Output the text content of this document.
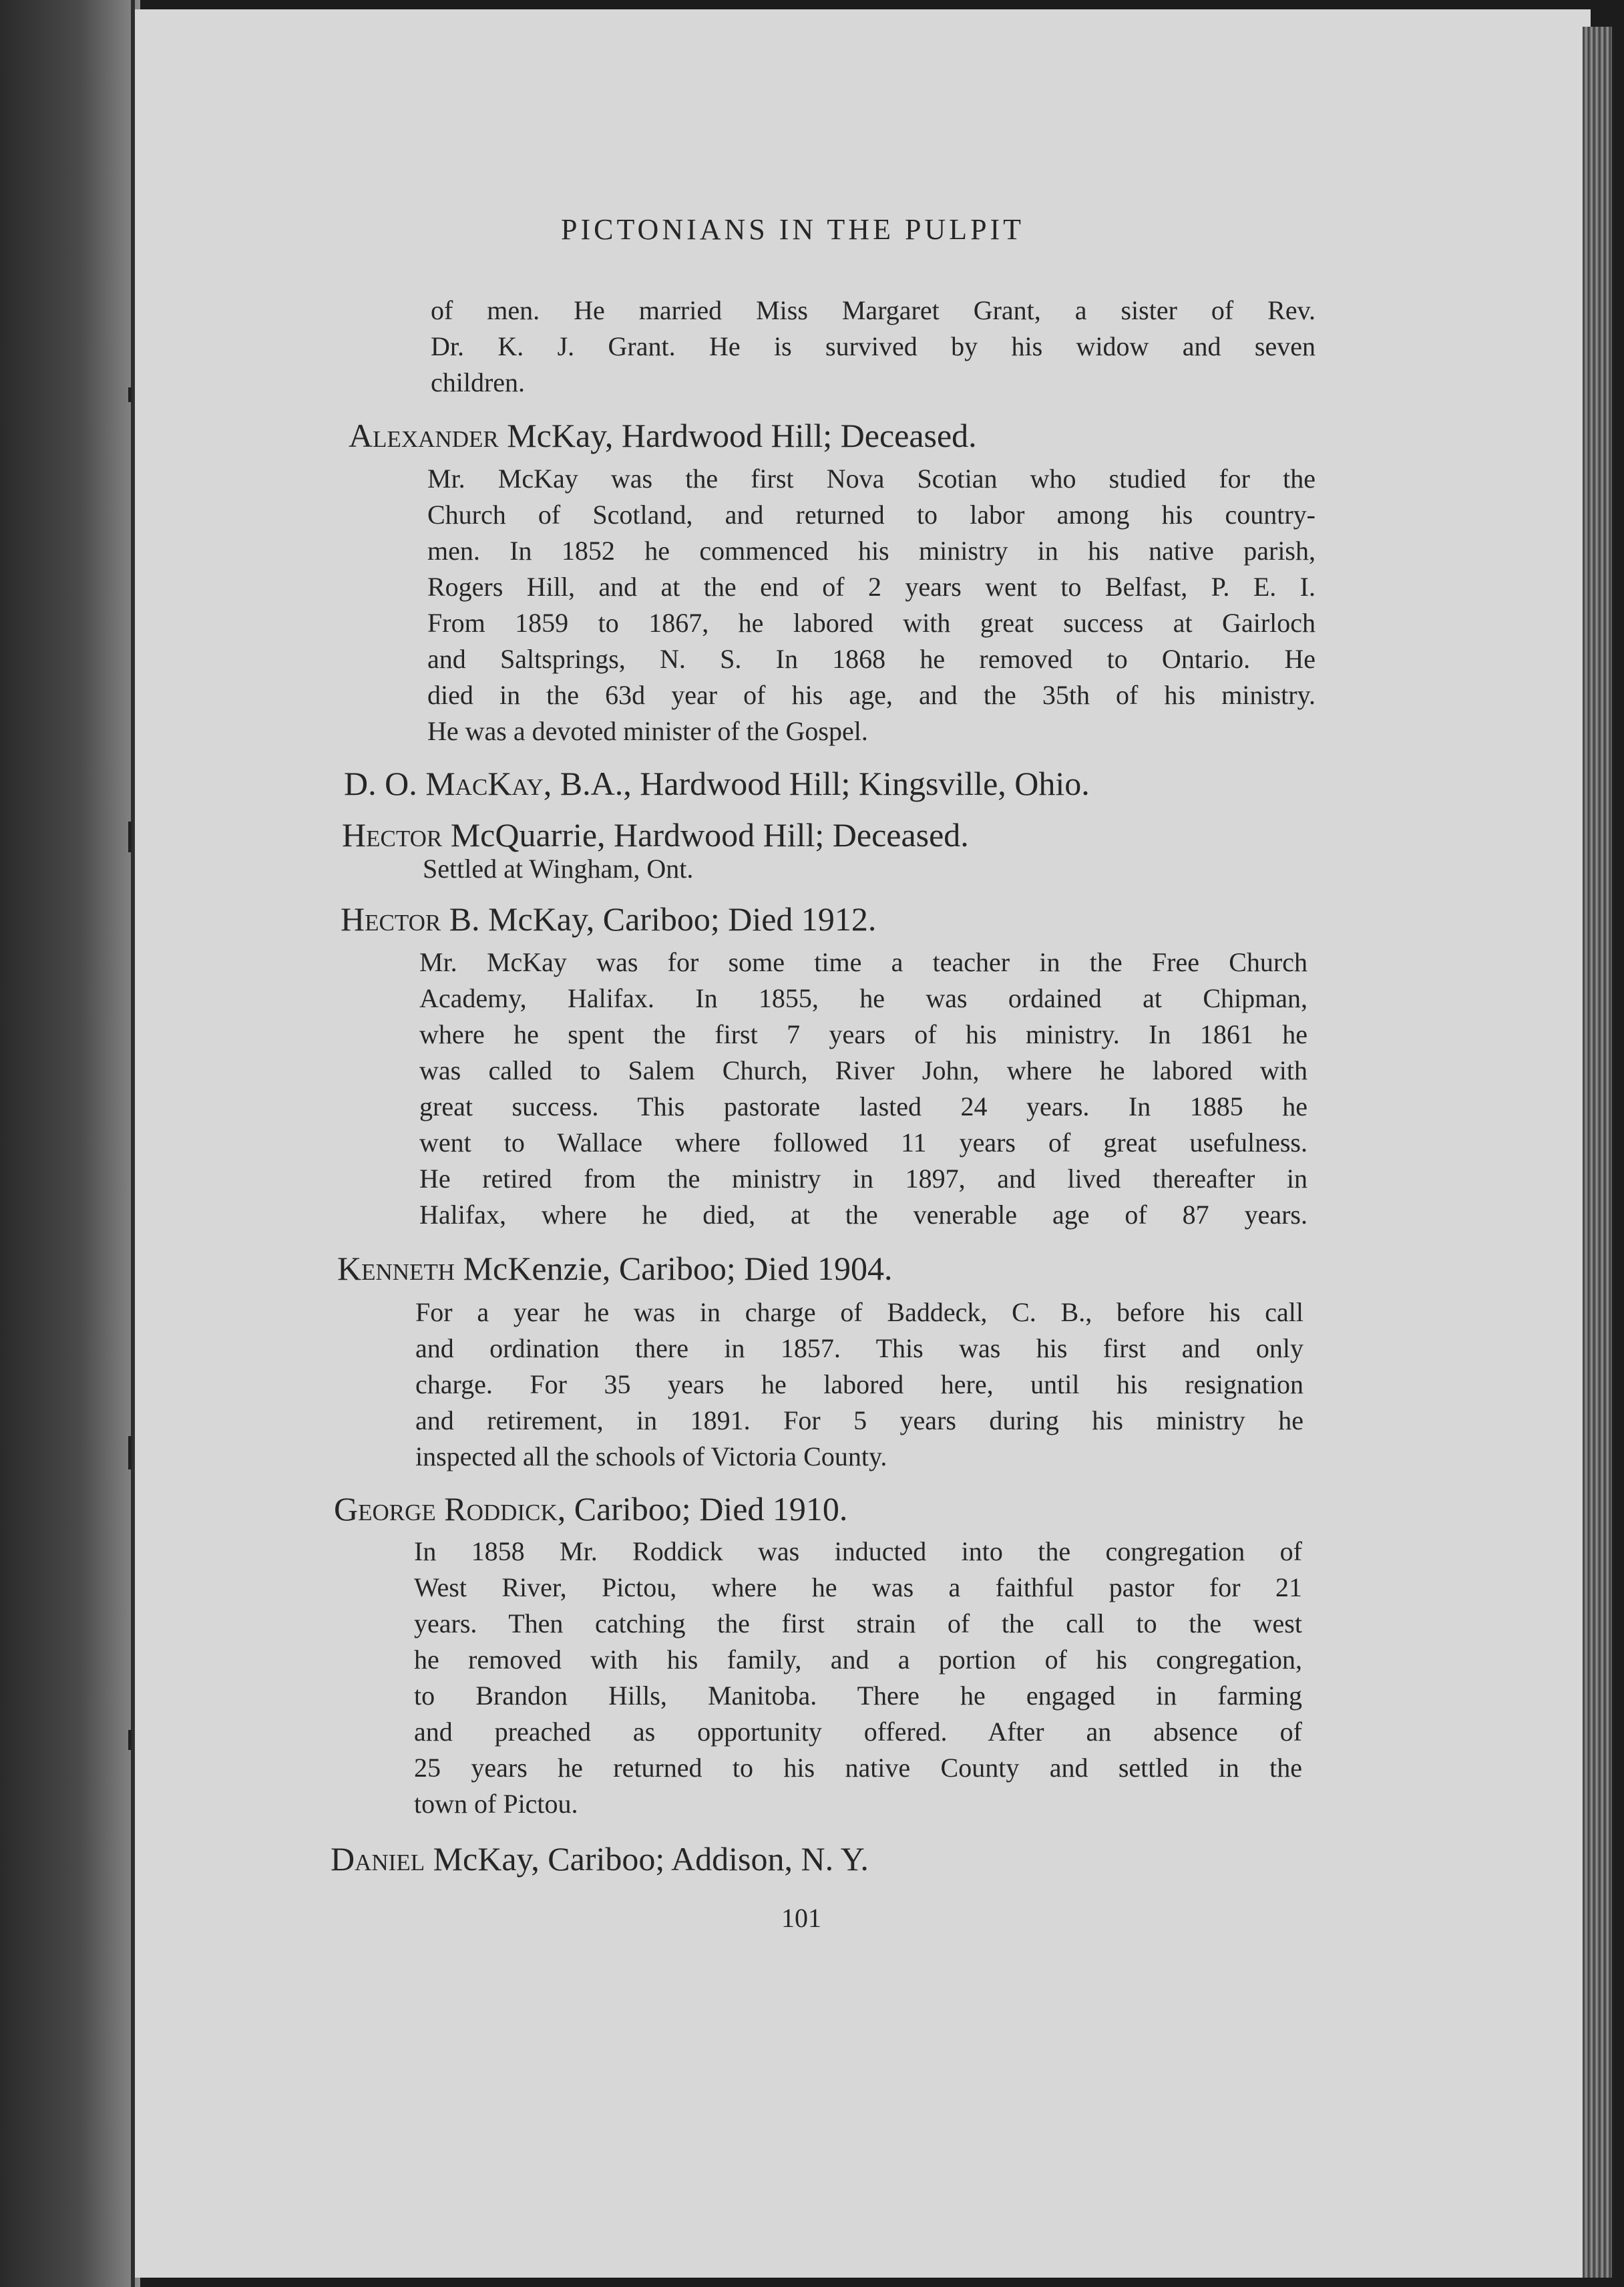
PICTONIANS IN THE PULPIT
of men. He married Miss Margaret Grant, a sister of Rev.
Dr. K. J. Grant. He is survived by his widow and seven
children.
Alexander McKay, Hardwood Hill; Deceased.
Mr. McKay was the first Nova Scotian who studied for the
Church of Scotland, and returned to labor among his country-
men. In 1852 he commenced his ministry in his native parish,
Rogers Hill, and at the end of 2 years went to Belfast, P. E. I.
From 1859 to 1867, he labored with great success at Gairloch
and Saltsprings, N. S. In 1868 he removed to Ontario. He
died in the 63d year of his age, and the 35th of his ministry.
He was a devoted minister of the Gospel.
D. O. MacKay, B.A., Hardwood Hill; Kingsville, Ohio.
Hector McQuarrie, Hardwood Hill; Deceased.
Settled at Wingham, Ont.
Hector B. McKay, Cariboo; Died 1912.
Mr. McKay was for some time a teacher in the Free Church
Academy, Halifax. In 1855, he was ordained at Chipman,
where he spent the first 7 years of his ministry. In 1861 he
was called to Salem Church, River John, where he labored with
great success. This pastorate lasted 24 years. In 1885 he
went to Wallace where followed 11 years of great usefulness.
He retired from the ministry in 1897, and lived thereafter in
Halifax, where he died, at the venerable age of 87 years.
Kenneth McKenzie, Cariboo; Died 1904.
For a year he was in charge of Baddeck, C. B., before his call
and ordination there in 1857. This was his first and only
charge. For 35 years he labored here, until his resignation
and retirement, in 1891. For 5 years during his ministry he
inspected all the schools of Victoria County.
George Roddick, Cariboo; Died 1910.
In 1858 Mr. Roddick was inducted into the congregation of
West River, Pictou, where he was a faithful pastor for 21
years. Then catching the first strain of the call to the west
he removed with his family, and a portion of his congregation,
to Brandon Hills, Manitoba. There he engaged in farming
and preached as opportunity offered. After an absence of
25 years he returned to his native County and settled in the
town of Pictou.
Daniel McKay, Cariboo; Addison, N. Y.
101
